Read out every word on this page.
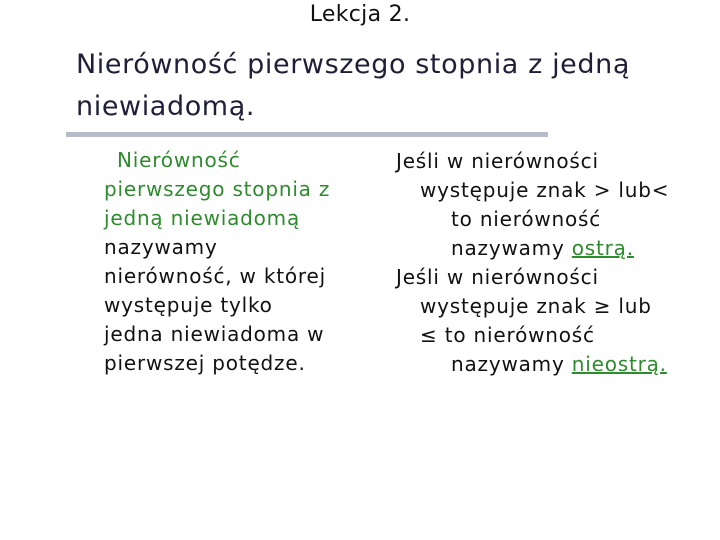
Lekcja 2.
Nierówność pierwszego stopnia z jedną
niewiadomą.
Nierówność
pierwszego stopnia z
jedną niewiadomą
nazywamy
nierówność, w której
występuje tylko
jedna niewiadoma w
pierwszej potędze.
Jeśli w nierówności
występuje znak > lub<
to nierówność
nazywamy ostrą.
Jeśli w nierówności
występuje znak ≥ lub
≤ to nierówność
nazywamy nieostrą.
